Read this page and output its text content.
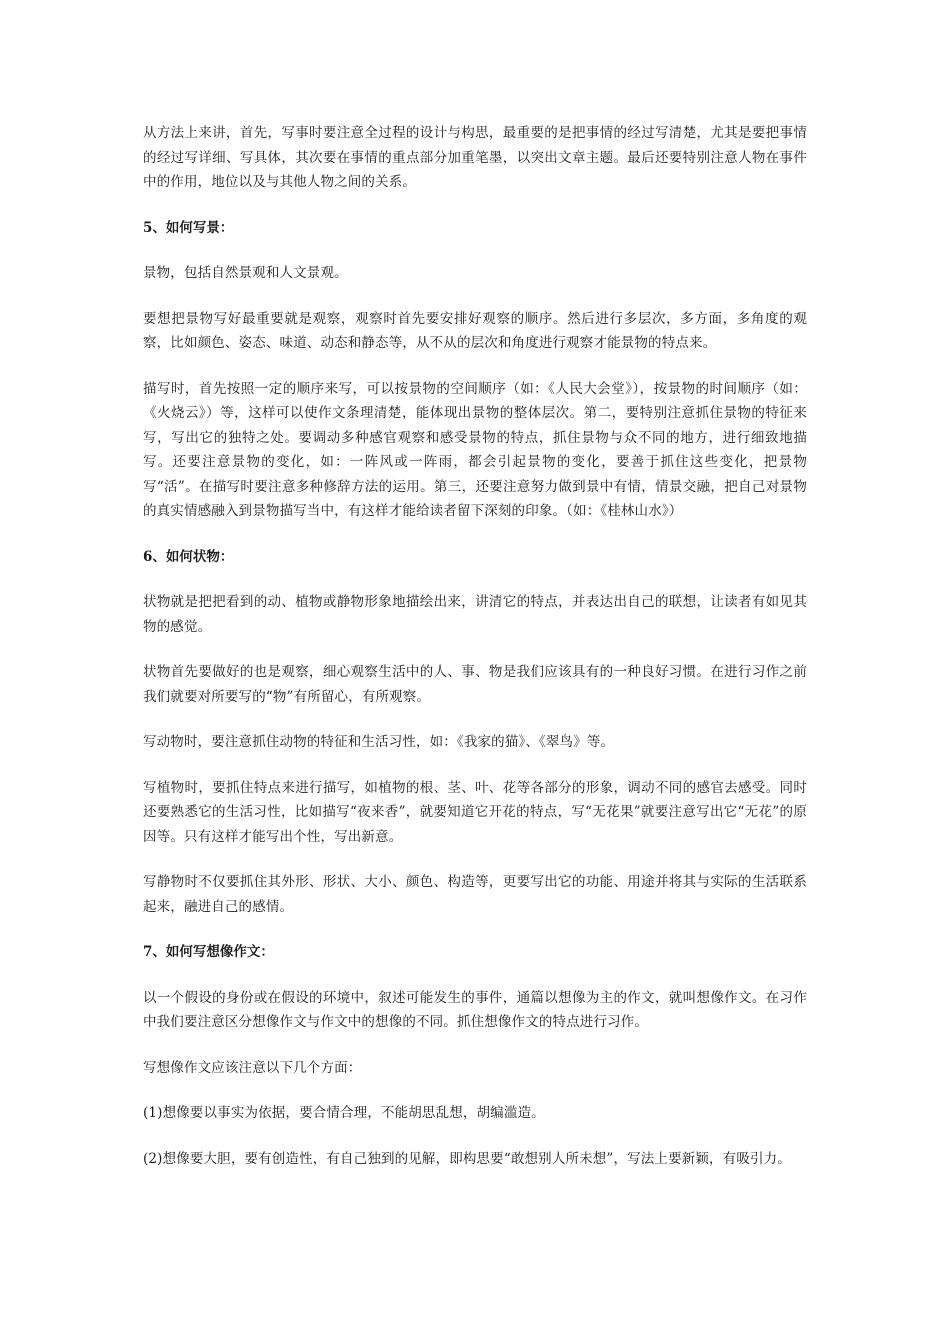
从方法上来讲，首先，写事时要注意全过程的设计与构思，最重要的是把事情的经过写清楚，尤其是要把事情的经过写详细、写具体，其次要在事情的重点部分加重笔墨，以突出文章主题。最后还要特别注意人物在事件中的作用，地位以及与其他人物之间的关系。

5、如何写景：

景物，包括自然景观和人文景观。

要想把景物写好最重要就是观察，观察时首先要安排好观察的顺序。然后进行多层次，多方面，多角度的观察，比如颜色、姿态、味道、动态和静态等，从不从的层次和角度进行观察才能景物的特点来。

描写时，首先按照一定的顺序来写，可以按景物的空间顺序（如：《人民大会堂》），按景物的时间顺序（如：《火烧云》）等，这样可以使作文条理清楚，能体现出景物的整体层次。第二，要特别注意抓住景物的特征来写，写出它的独特之处。要调动多种感官观察和感受景物的特点，抓住景物与众不同的地方，进行细致地描写。还要注意景物的变化，如：一阵风或一阵雨，都会引起景物的变化，要善于抓住这些变化，把景物写“活”。在描写时要注意多种修辞方法的运用。第三，还要注意努力做到景中有情，情景交融，把自己对景物的真实情感融入到景物描写当中，有这样才能给读者留下深刻的印象。（如：《桂林山水》）

6、如何状物：

状物就是把把看到的动、植物或静物形象地描绘出来，讲清它的特点，并表达出自己的联想，让读者有如见其物的感觉。

状物首先要做好的也是观察，细心观察生活中的人、事、物是我们应该具有的一种良好习惯。在进行习作之前我们就要对所要写的“物”有所留心，有所观察。

写动物时，要注意抓住动物的特征和生活习性，如：《我家的猫》、《翠鸟》等。

写植物时，要抓住特点来进行描写，如植物的根、茎、叶、花等各部分的形象，调动不同的感官去感受。同时还要熟悉它的生活习性，比如描写“夜来香”，就要知道它开花的特点，写“无花果”就要注意写出它“无花”的原因等。只有这样才能写出个性，写出新意。

写静物时不仅要抓住其外形、形状、大小、颜色、构造等，更要写出它的功能、用途并将其与实际的生活联系起来，融进自己的感情。

7、如何写想像作文：

以一个假设的身份或在假设的环境中，叙述可能发生的事件，通篇以想像为主的作文，就叫想像作文。在习作中我们要注意区分想像作文与作文中的想像的不同。抓住想像作文的特点进行习作。

写想像作文应该注意以下几个方面：

(1)想像要以事实为依据，要合情合理，不能胡思乱想，胡编滥造。

(2)想像要大胆，要有创造性，有自己独到的见解，即构思要“敢想别人所未想”，写法上要新颖，有吸引力。
